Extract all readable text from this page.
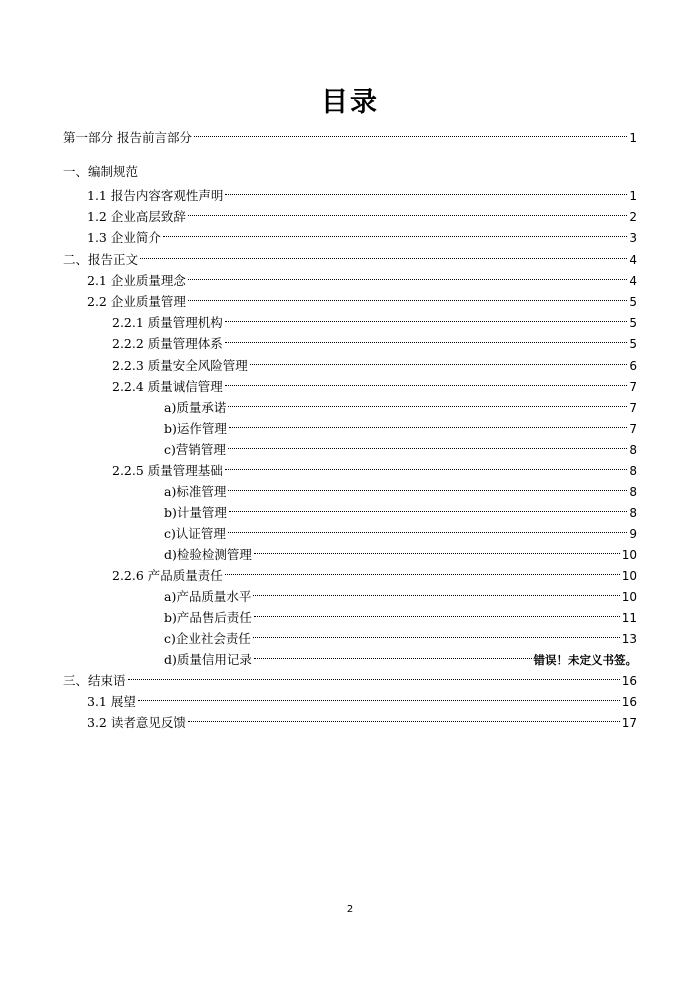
目录
第一部分 报告前言部分	1
一、编制规范
1.1 报告内容客观性声明	1
1.2 企业高层致辞	2
1.3 企业简介	3
二、报告正文	4
2.1 企业质量理念	4
2.2 企业质量管理	5
2.2.1 质量管理机构	5
2.2.2 质量管理体系	5
2.2.3 质量安全风险管理	6
2.2.4 质量诚信管理	7
a)质量承诺	7
b)运作管理	7
c)营销管理	8
2.2.5 质量管理基础	8
a)标准管理	8
b)计量管理	8
c)认证管理	9
d)检验检测管理	10
2.2.6 产品质量责任	10
a)产品质量水平	10
b)产品售后责任	11
c)企业社会责任	13
d)质量信用记录	错误！未定义书签。
三、结束语	16
3.1 展望	16
3.2 读者意见反馈	17
2
